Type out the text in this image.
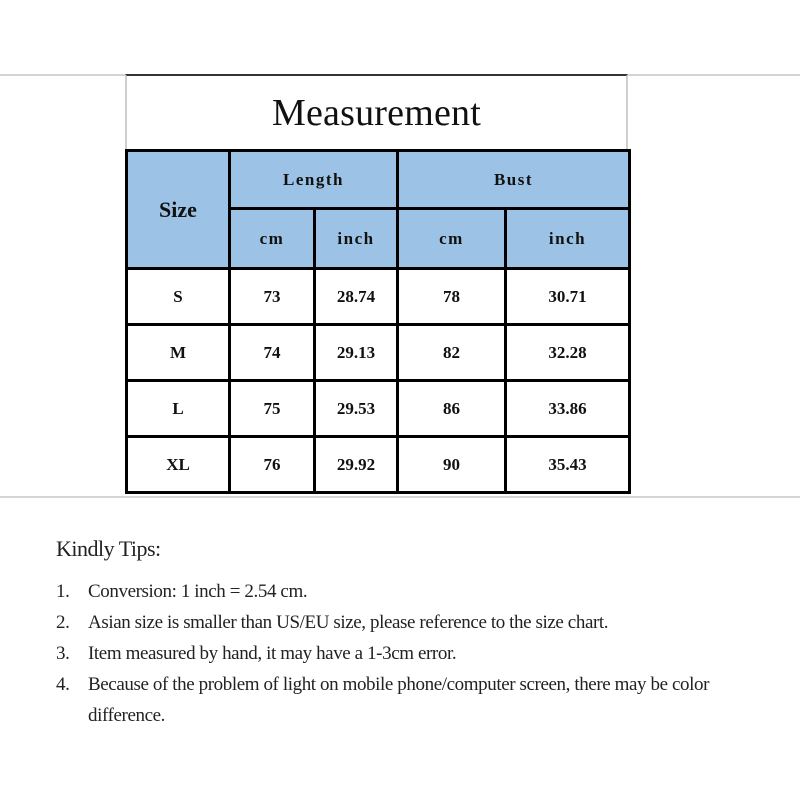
Measurement
Size	Length		Bust	
	cm	inch	cm	inch
S	73	28.74	78	30.71
M	74	29.13	82	32.28
L	75	29.53	86	33.86
XL	76	29.92	90	35.43
Kindly Tips:
1. Conversion: 1 inch = 2.54 cm.
2. Asian size is smaller than US/EU size, please reference to the size chart.
3. Item measured by hand, it may have a 1-3cm error.
4. Because of the problem of light on mobile phone/computer screen, there may be color difference.
